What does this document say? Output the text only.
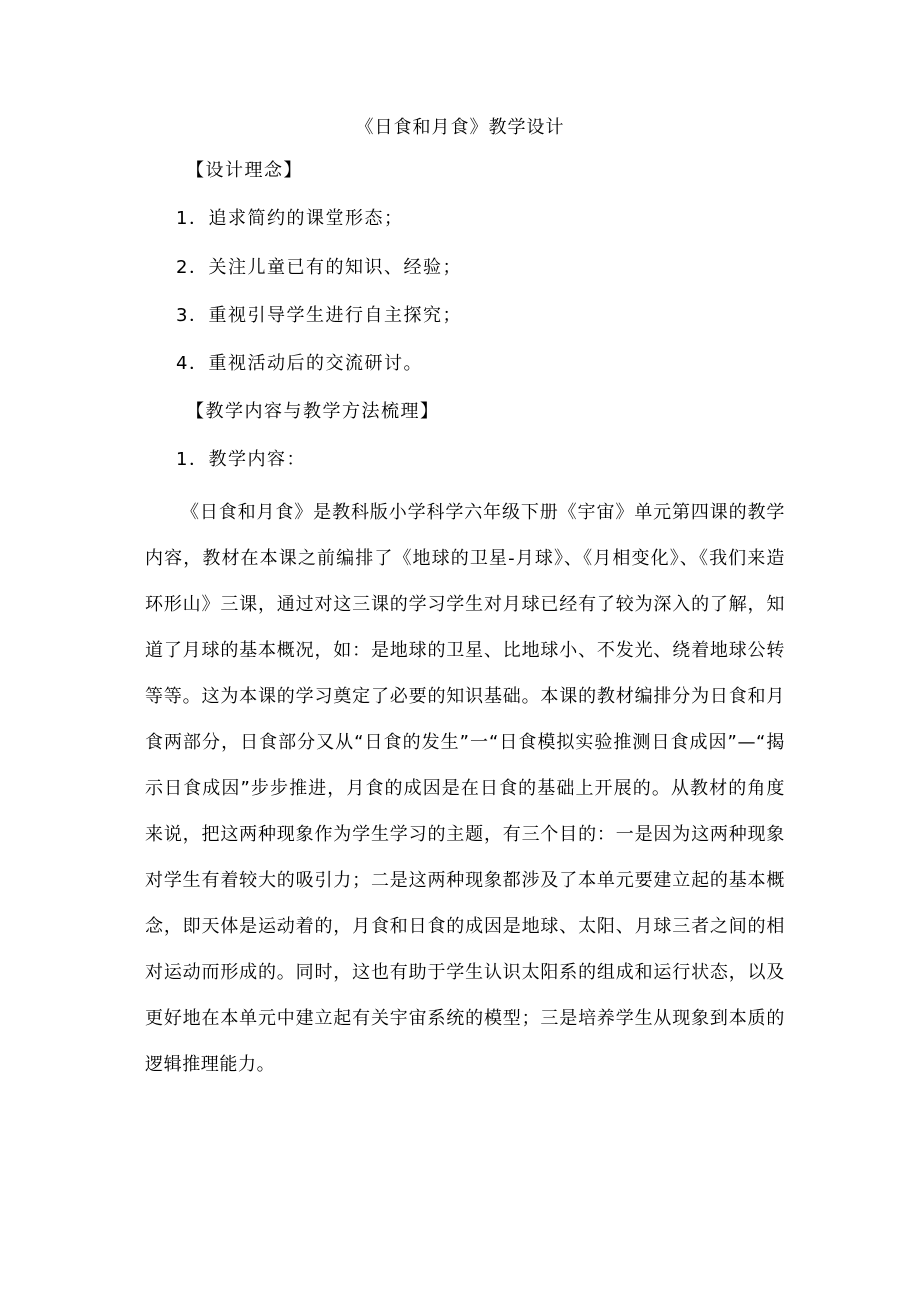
《日食和月食》教学设计
【设计理念】
1．追求简约的课堂形态；
2．关注儿童已有的知识、经验；
3．重视引导学生进行自主探究；
4．重视活动后的交流研讨。
【教学内容与教学方法梳理】
1．教学内容：

《日食和月食》是教科版小学科学六年级下册《宇宙》单元第四课的教学内容，教材在本课之前编排了《地球的卫星-月球》、《月相变化》、《我们来造环形山》三课，通过对这三课的学习学生对月球已经有了较为深入的了解，知道了月球的基本概况，如：是地球的卫星、比地球小、不发光、绕着地球公转等等。这为本课的学习奠定了必要的知识基础。本课的教材编排分为日食和月食两部分，日食部分又从“日食的发生”一“日食模拟实验推测日食成因”—“揭示日食成因”步步推进，月食的成因是在日食的基础上开展的。从教材的角度来说，把这两种现象作为学生学习的主题，有三个目的：一是因为这两种现象对学生有着较大的吸引力；二是这两种现象都涉及了本单元要建立起的基本概念，即天体是运动着的，月食和日食的成因是地球、太阳、月球三者之间的相对运动而形成的。同时，这也有助于学生认识太阳系的组成和运行状态，以及更好地在本单元中建立起有关宇宙系统的模型；三是培养学生从现象到本质的逻辑推理能力。
